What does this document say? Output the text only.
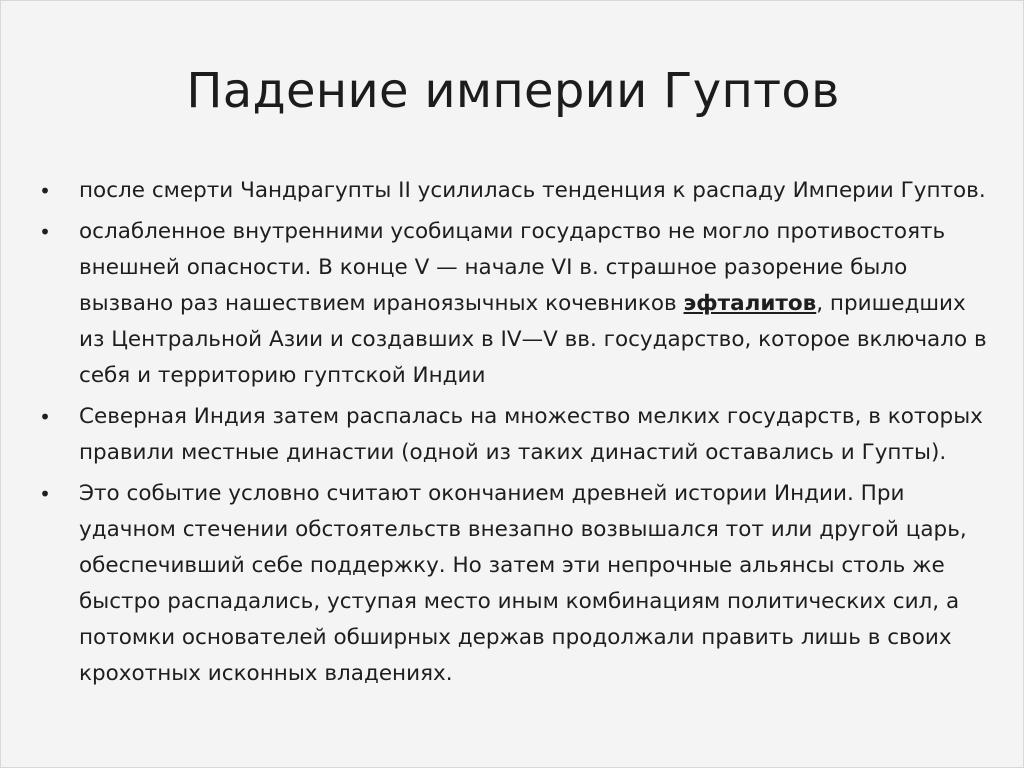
Падение империи Гуптов
• после смерти Чандрагупты II усилилась тенденция к распаду Империи Гуптов.
• ослабленное внутренними усобицами государство не могло противостоять внешней опасности. В конце V — начале VI в. страшное разорение было вызвано раз нашествием ираноязычных кочевников эфталитов, пришедших из Центральной Азии и создавших в IV—V вв. государство, которое включало в себя и территорию гуптской Индии
• Северная Индия затем распалась на множество мелких государств, в которых правили местные династии (одной из таких династий оставались и Гупты).
• Это событие условно считают окончанием древней истории Индии. При удачном стечении обстоятельств внезапно возвышался тот или другой царь, обеспечивший себе поддержку. Но затем эти непрочные альянсы столь же быстро распадались, уступая место иным комбинациям политических сил, а потомки основателей обширных держав продолжали править лишь в своих крохотных исконных владениях.
